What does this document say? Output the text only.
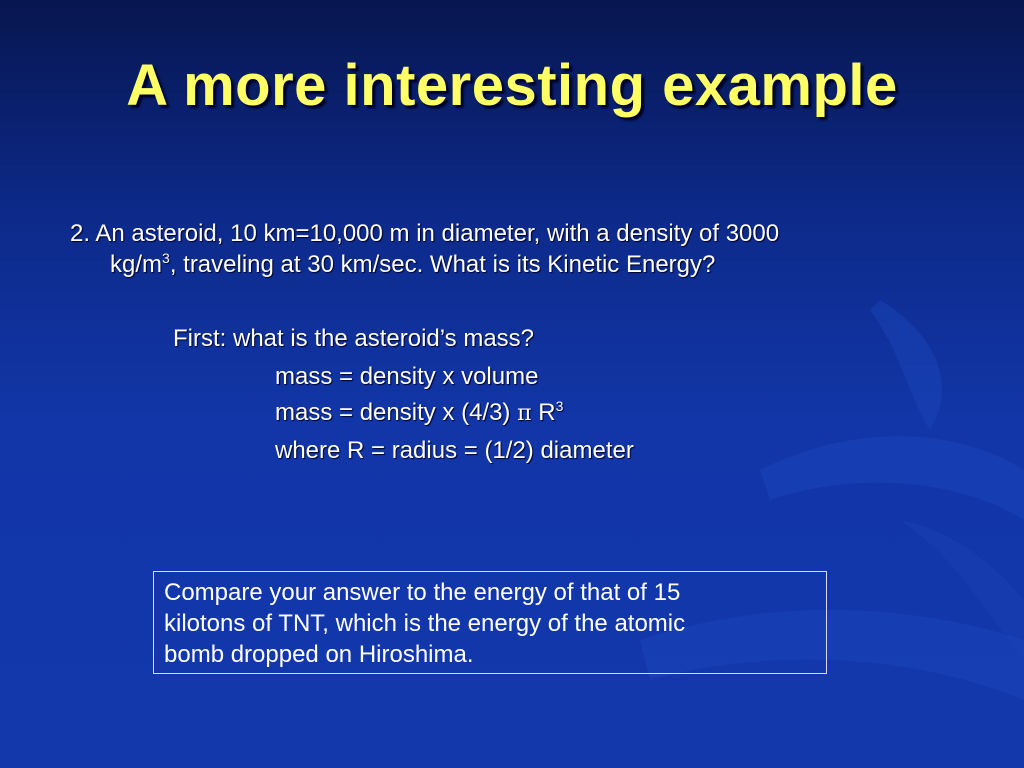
A more interesting example
2. An asteroid, 10 km=10,000 m in diameter, with a density of 3000
$kg/m^3$, traveling at 30 km/sec. What is its Kinetic Energy?
First: what is the asteroid’s mass?
mass = density x volume
mass = density x (4/3) π $R^3$
where R = radius = (1/2) diameter
Compare your answer to the energy of that of 15
kilotons of TNT, which is the energy of the atomic
bomb dropped on Hiroshima.
